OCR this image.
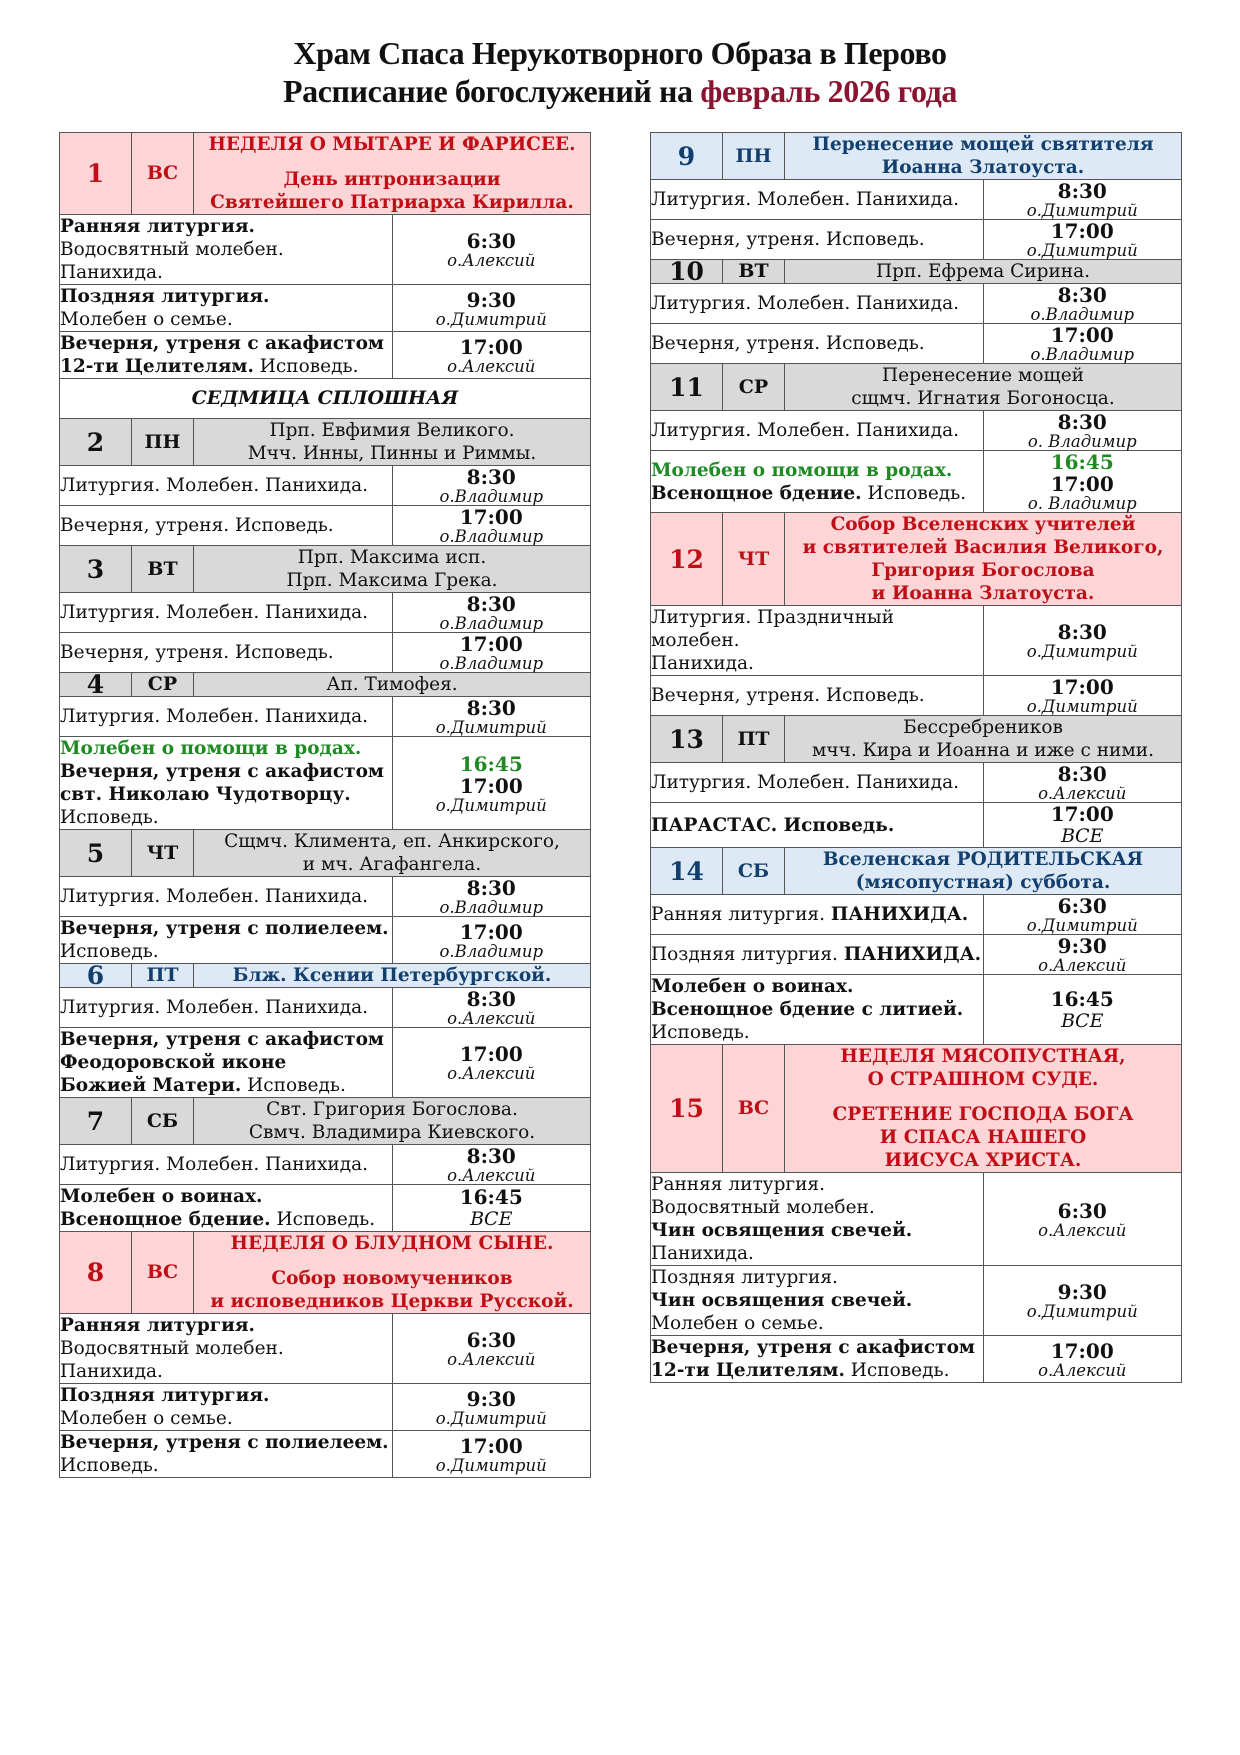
Храм Спаса Нерукотворного Образа в Перово
Расписание богослужений на февраль 2026 года
1	ВС	НЕДЕЛЯ О МЫТАРЕ И ФАРИСЕЕ.
День интронизации
Святейшего Патриарха Кирилла.	

Ранняя литургия.
Водосвятный молебен. Панихида.			6:30
о.Алексий

Поздняя литургия.
Молебен о семье.			9:30
о.Димитрий

Вечерня, утреня с акафистом
12-ти Целителям. Исповедь.			17:00
о.Алексий

СЕДМИЦА СПЛОШНАЯ			
2	ПН	Прп. Евфимия Великого.
Мчч. Инны, Пинны и Риммы.	

Литургия. Молебен. Панихида.			8:30
о.Владимир

Вечерня, утреня. Исповедь.			17:00
о.Владимир

3	ВТ	Прп. Максима исп.
Прп. Максима Грека.	

Литургия. Молебен. Панихида.			8:30
о.Владимир

Вечерня, утреня. Исповедь.			17:00
о.Владимир

4	СР	Ап. Тимофея.	

Литургия. Молебен. Панихида.			8:30
о.Димитрий

Молебен о помощи в родах.
Вечерня, утреня с акафистом
свт. Николаю Чудотворцу.
Исповедь.			16:45
17:00
о.Димитрий

5	ЧТ	Сщмч. Климента, еп. Анкирского,
и мч. Агафангела.	

Литургия. Молебен. Панихида.			8:30
о.Владимир

Вечерня, утреня с полиелеем.
Исповедь.			17:00
о.Владимир

6	ПТ	Блж. Ксении Петербургской.	

Литургия. Молебен. Панихида.			8:30
о.Алексий

Вечерня, утреня с акафистом
Феодоровской иконе
Божией Матери. Исповедь.			17:00
о.Алексий

7	СБ	Свт. Григория Богослова.
Свмч. Владимира Киевского.	

Литургия. Молебен. Панихида.			8:30
о.Алексий

Молебен о воинах.
Всенощное бдение. Исповедь.			16:45
ВСЕ

8	ВС	НЕДЕЛЯ О БЛУДНОМ СЫНЕ.
Собор новомучеников
и исповедников Церкви Русской.	

Ранняя литургия.
Водосвятный молебен. Панихида.			6:30
о.Алексий

Поздняя литургия.
Молебен о семье.			9:30
о.Димитрий

Вечерня, утреня с полиелеем.
Исповедь.			17:00
о.Димитрий
9	ПН	Перенесение мощей святителя
Иоанна Златоуста.	

Литургия. Молебен. Панихида.			8:30
о.Димитрий

Вечерня, утреня. Исповедь.			17:00
о.Димитрий

10	ВТ	Прп. Ефрема Сирина.	

Литургия. Молебен. Панихида.			8:30
о.Владимир

Вечерня, утреня. Исповедь.			17:00
о.Владимир

11	СР	Перенесение мощей
сщмч. Игнатия Богоносца.	

Литургия. Молебен. Панихида.			8:30
о. Владимир

Молебен о помощи в родах.
Всенощное бдение. Исповедь.			16:45
17:00
о. Владимир

12	ЧТ	Собор Вселенских учителей
и святителей Василия Великого,
Григория Богослова
и Иоанна Златоуста.	

Литургия. Праздничный молебен.
Панихида.			8:30
о.Димитрий

Вечерня, утреня. Исповедь.			17:00
о.Димитрий

13	ПТ	Бессребреников
мчч. Кира и Иоанна и иже с ними.	

Литургия. Молебен. Панихида.			8:30
о.Алексий

ПАРАСТАС. Исповедь.			17:00
ВСЕ

14	СБ	Вселенская РОДИТЕЛЬСКАЯ
(мясопустная) суббота.	

Ранняя литургия. ПАНИХИДА.			6:30
о.Димитрий

Поздняя литургия. ПАНИХИДА.			9:30
о.Алексий

Молебен о воинах.
Всенощное бдение с литией.
Исповедь.			16:45
ВСЕ

15	ВС	НЕДЕЛЯ МЯСОПУСТНАЯ,
О СТРАШНОМ СУДЕ.
СРЕТЕНИЕ ГОСПОДА БОГА
И СПАСА НАШЕГО
ИИСУСА ХРИСТА.	

Ранняя литургия.
Водосвятный молебен.
Чин освящения свечей.
Панихида.			6:30
о.Алексий

Поздняя литургия.
Чин освящения свечей.
Молебен о семье.			9:30
о.Димитрий

Вечерня, утреня с акафистом
12-ти Целителям. Исповедь.			17:00
о.Алексий
